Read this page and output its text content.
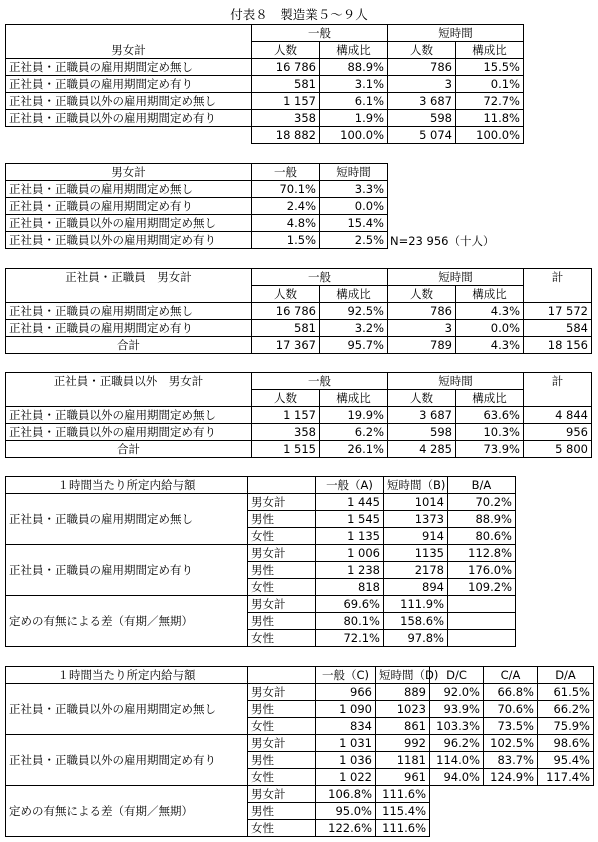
付表８　製造業５～９人
	一般		短時間	
男女計	人数	構成比	人数	構成比
正社員・正職員の雇用期間定め無し	16 786	88.9%	786	15.5%
正社員・正職員の雇用期間定め有り	581	3.1%	3	0.1%
正社員・正職員以外の雇用期間定め無し	1 157	6.1%	3 687	72.7%
正社員・正職員以外の雇用期間定め有り	358	1.9%	598	11.8%
	18 882	100.0%	5 074	100.0%
男女計	一般	短時間
正社員・正職員の雇用期間定め無し	70.1%	3.3%
正社員・正職員の雇用期間定め有り	2.4%	0.0%
正社員・正職員以外の雇用期間定め無し	4.8%	15.4%
正社員・正職員以外の雇用期間定め有り	1.5%	2.5% N=23 956（十人）
正社員・正職員　男女計	一般		短時間		計
	人数	構成比	人数	構成比	
正社員・正職員の雇用期間定め無し	16 786	92.5%	786	4.3%	17 572
正社員・正職員の雇用期間定め有り	581	3.2%	3	0.0%	584
合計	17 367	95.7%	789	4.3%	18 156
正社員・正職員以外　男女計	一般		短時間		計
	人数	構成比	人数	構成比	
正社員・正職員以外の雇用期間定め無し	1 157	19.9%	3 687	63.6%	4 844
正社員・正職員以外の雇用期間定め有り	358	6.2%	598	10.3%	956
合計	1 515	26.1%	4 285	73.9%	5 800
１時間当たり所定内給与額		一般（A)	短時間（B)	B/A
正社員・正職員の雇用期間定め無し	男女計	1 445	1014	70.2%
	男性	1 545	1373	88.9%
	女性	1 135	914	80.6%
正社員・正職員の雇用期間定め有り	男女計	1 006	1135	112.8%
	男性	1 238	2178	176.0%
	女性	818	894	109.2%
定めの有無による差（有期／無期）	男女計	69.6%	111.9%	
	男性	80.1%	158.6%	
	女性	72.1%	97.8%	
１時間当たり所定内給与額		一般（C)	短時間（D)	D/C	C/A	D/A
正社員・正職員以外の雇用期間定め無し	男女計	966	889	92.0%	66.8%	61.5%
	男性	1 090	1023	93.9%	70.6%	66.2%
	女性	834	861	103.3%	73.5%	75.9%
正社員・正職員以外の雇用期間定め有り	男女計	1 031	992	96.2%	102.5%	98.6%
	男性	1 036	1181	114.0%	83.7%	95.4%
	女性	1 022	961	94.0%	124.9%	117.4%
定めの有無による差（有期／無期）	男女計	106.8%	111.6%			
	男性	95.0%	115.4%			
	女性	122.6%	111.6%			
